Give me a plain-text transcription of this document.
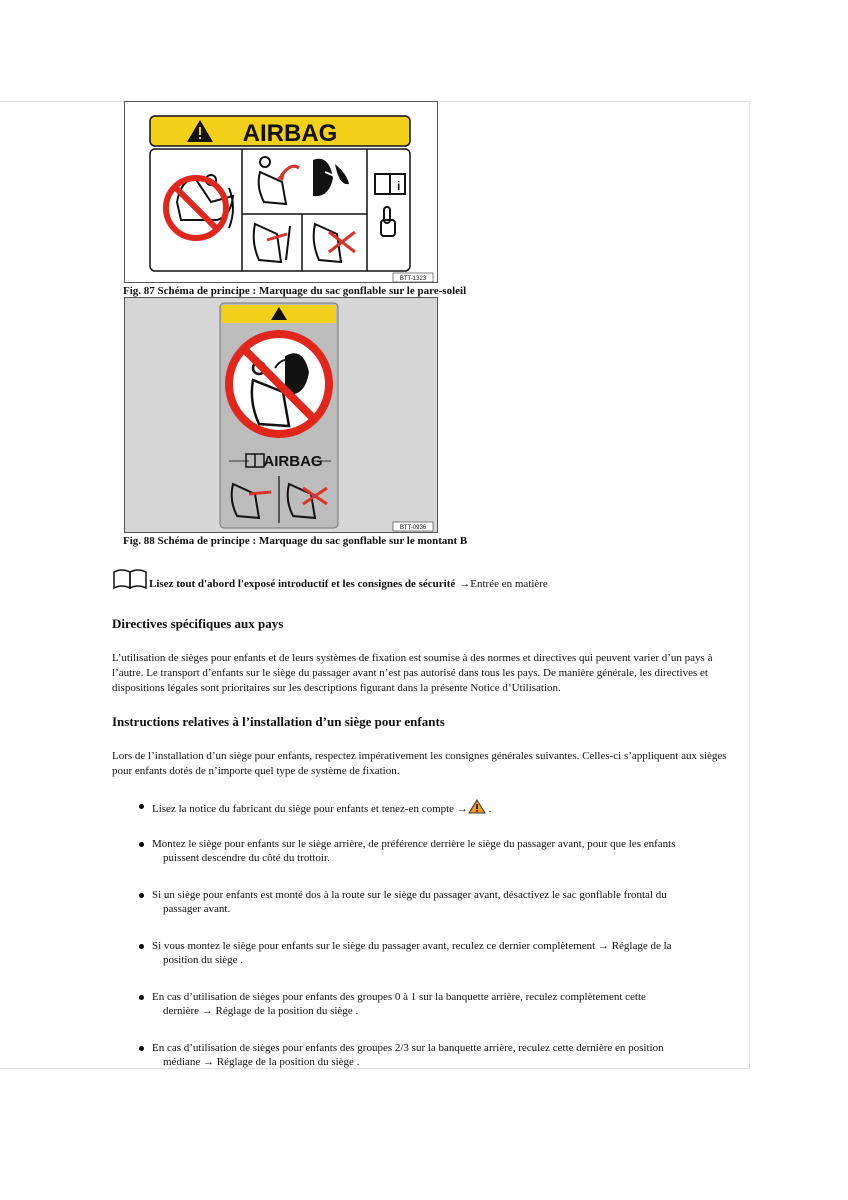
AIRBAG
i
BTT-1323
Fig. 87 Schéma de principe : Marquage du sac gonflable sur le pare-soleil
AIRBAG
BTT-0936
Fig. 88 Schéma de principe : Marquage du sac gonflable sur le montant B
Lisez tout d'abord l'exposé introductif et les consignes de sécurité →Entrée en matière
Directives spécifiques aux pays

L’utilisation de sièges pour enfants et de leurs systèmes de fixation est soumise à des normes et directives qui peuvent varier d’un pays à l’autre. Le transport d’enfants sur le siège du passager avant n’est pas autorisé dans tous les pays. De manière générale, les directives et dispositions légales sont prioritaires sur les descriptions figurant dans la présente Notice d’Utilisation.

Instructions relatives à l’installation d’un siège pour enfants

Lors de l’installation d’un siège pour enfants, respectez impérativement les consignes générales suivantes. Celles-ci s’appliquent aux sièges pour enfants dotés de n’importe quel type de système de fixation.

Lisez la notice du fabricant du siège pour enfants et tenez-en compte → .
Montez le siège pour enfants sur le siège arrière, de préférence derrière le siège du passager avant, pour que les enfants
puissent descendre du côté du trottoir.
Si un siège pour enfants est monté dos à la route sur le siège du passager avant, désactivez le sac gonflable frontal du
passager avant.
Si vous montez le siège pour enfants sur le siège du passager avant, reculez ce dernier complètement → Réglage de la
position du siège .
En cas d’utilisation de sièges pour enfants des groupes 0 à 1 sur la banquette arrière, reculez complètement cette
dernière → Réglage de la position du siège .
En cas d’utilisation de sièges pour enfants des groupes 2/3 sur la banquette arrière, reculez cette dernière en position
médiane → Réglage de la position du siège .
